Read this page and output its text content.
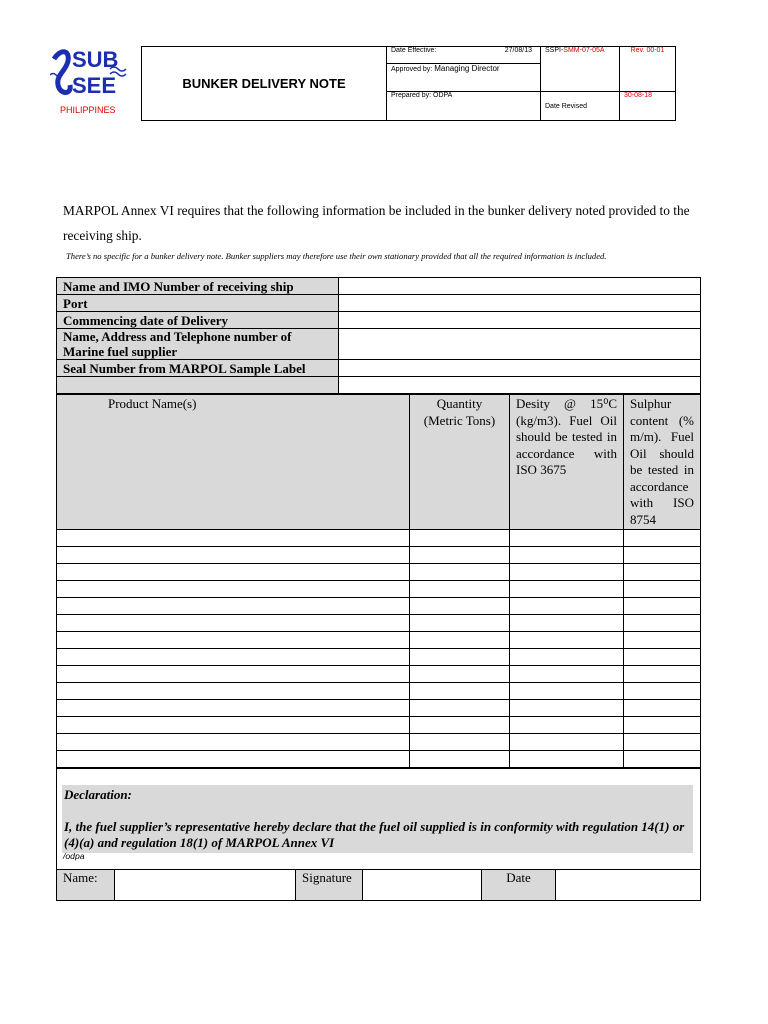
SUB
SEE
PHILIPPINES
BUNKER DELIVERY NOTE	Date Effective: 27/08/13	SSPI-SMM-07-05A	Rev. 00-01
	Approved by: Managing Director		
	Prepared by: ODPA	Date Revised	30-08-18
MARPOL Annex VI requires that the following information be included in the bunker delivery noted provided to the receiving ship.
There’s no specific for a bunker delivery note. Bunker suppliers may therefore use their own stationary provided that all the required information is included.
Name and IMO Number of receiving ship	
Port	
Commencing date of Delivery	
Name, Address and Telephone number of Marine fuel supplier	
Seal Number from MARPOL Sample Label	

Product Name(s)	Quantity (Metric Tons)	Desity @ 15⁰C (kg/m3). Fuel Oil should be tested in accordance with ISO 3675	Sulphur content (% m/m). Fuel Oil should be tested in accordance with ISO 8754

Declaration:
I, the fuel supplier’s representative hereby declare that the fuel oil supplied is in conformity with regulation 14(1) or (4)(a) and regulation 18(1) of MARPOL Annex VI
Name:		Signature		Date	
/odpa
